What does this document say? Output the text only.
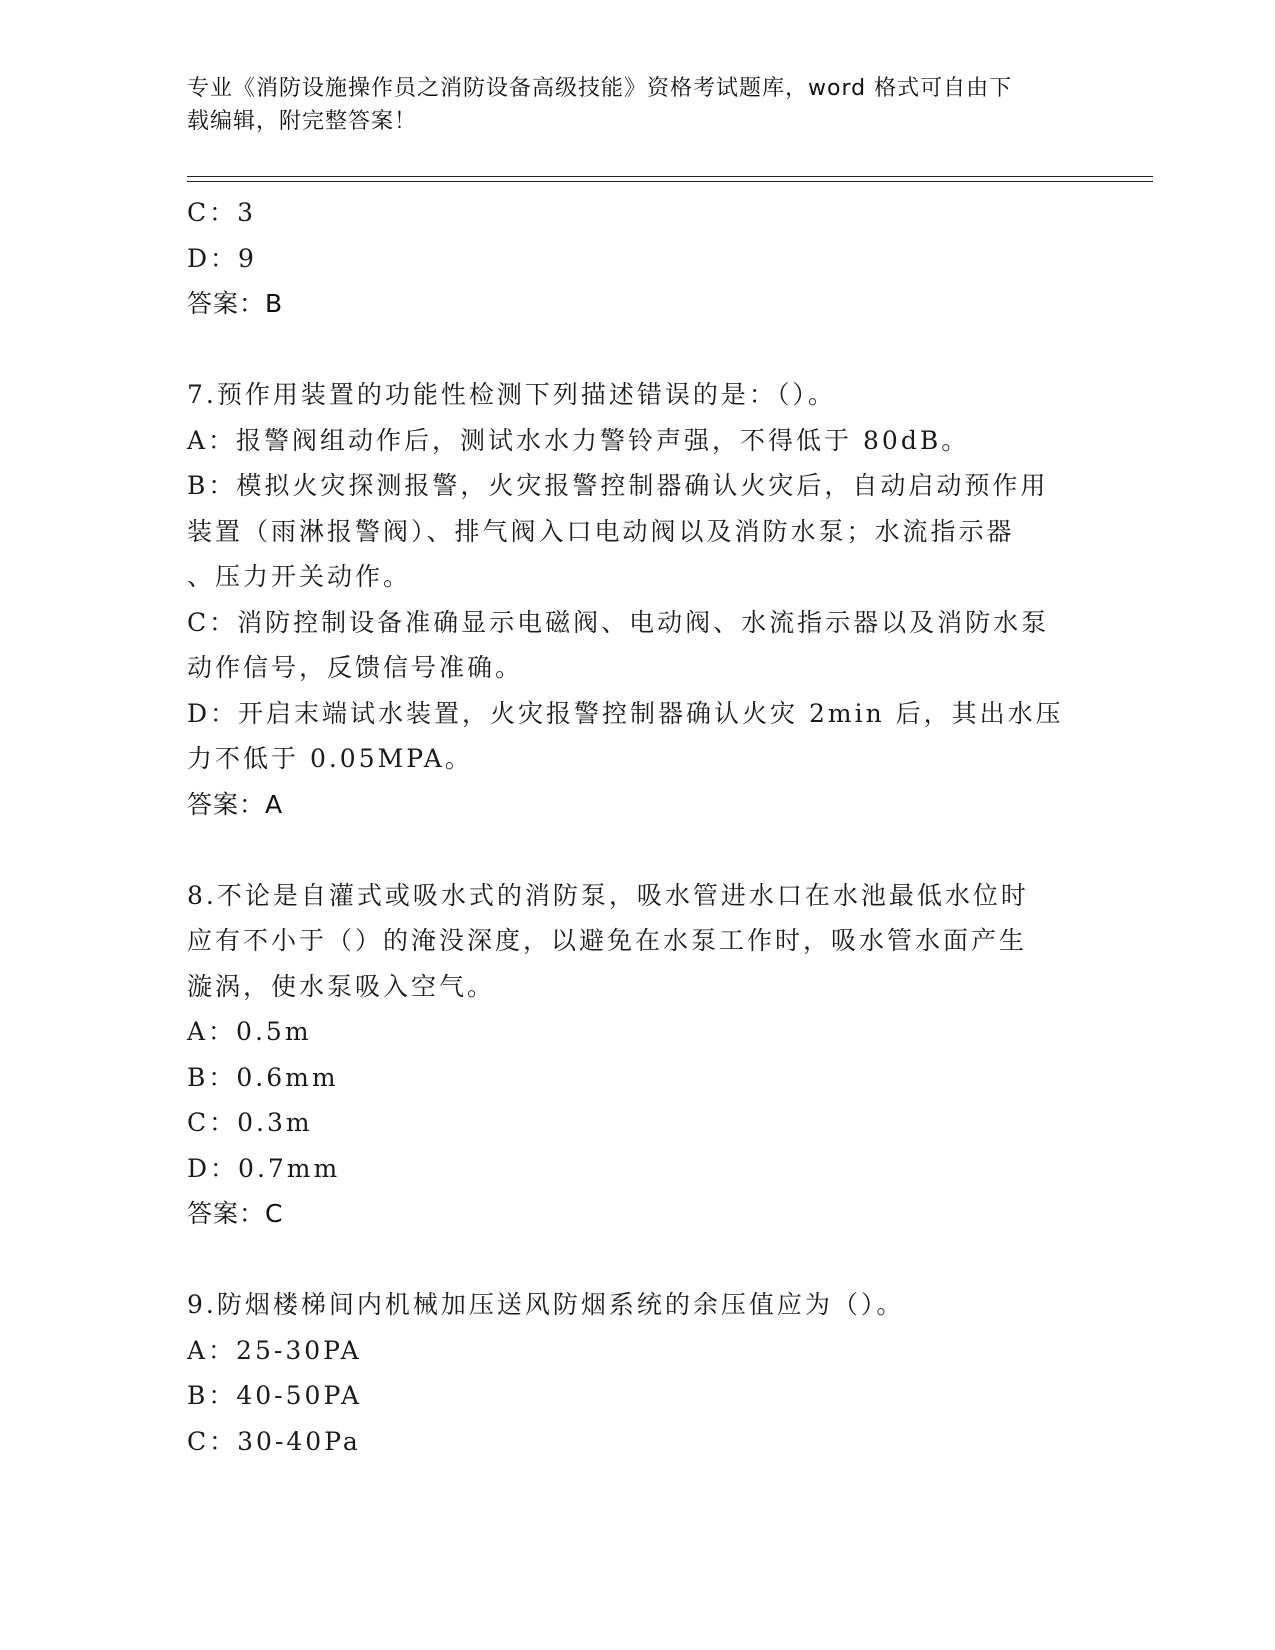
专业《消防设施操作员之消防设备高级技能》资格考试题库，word 格式可自由下
载编辑，附完整答案！
C：3
D：9
答案：B
7.预作用装置的功能性检测下列描述错误的是：（）。
A：报警阀组动作后，测试水水力警铃声强，不得低于 80dB。
B：模拟火灾探测报警，火灾报警控制器确认火灾后，自动启动预作用
装置（雨淋报警阀）、排气阀入口电动阀以及消防水泵；水流指示器
、压力开关动作。
C：消防控制设备准确显示电磁阀、电动阀、水流指示器以及消防水泵
动作信号，反馈信号准确。
D：开启末端试水装置，火灾报警控制器确认火灾 2min 后，其出水压
力不低于 0.05MPA。
答案：A
8.不论是自灌式或吸水式的消防泵，吸水管进水口在水池最低水位时
应有不小于（）的淹没深度，以避免在水泵工作时，吸水管水面产生
漩涡，使水泵吸入空气。
A：0.5m
B：0.6mm
C：0.3m
D：0.7mm
答案：C
9.防烟楼梯间内机械加压送风防烟系统的余压值应为（）。
A：25-30PA
B：40-50PA
C：30-40Pa
